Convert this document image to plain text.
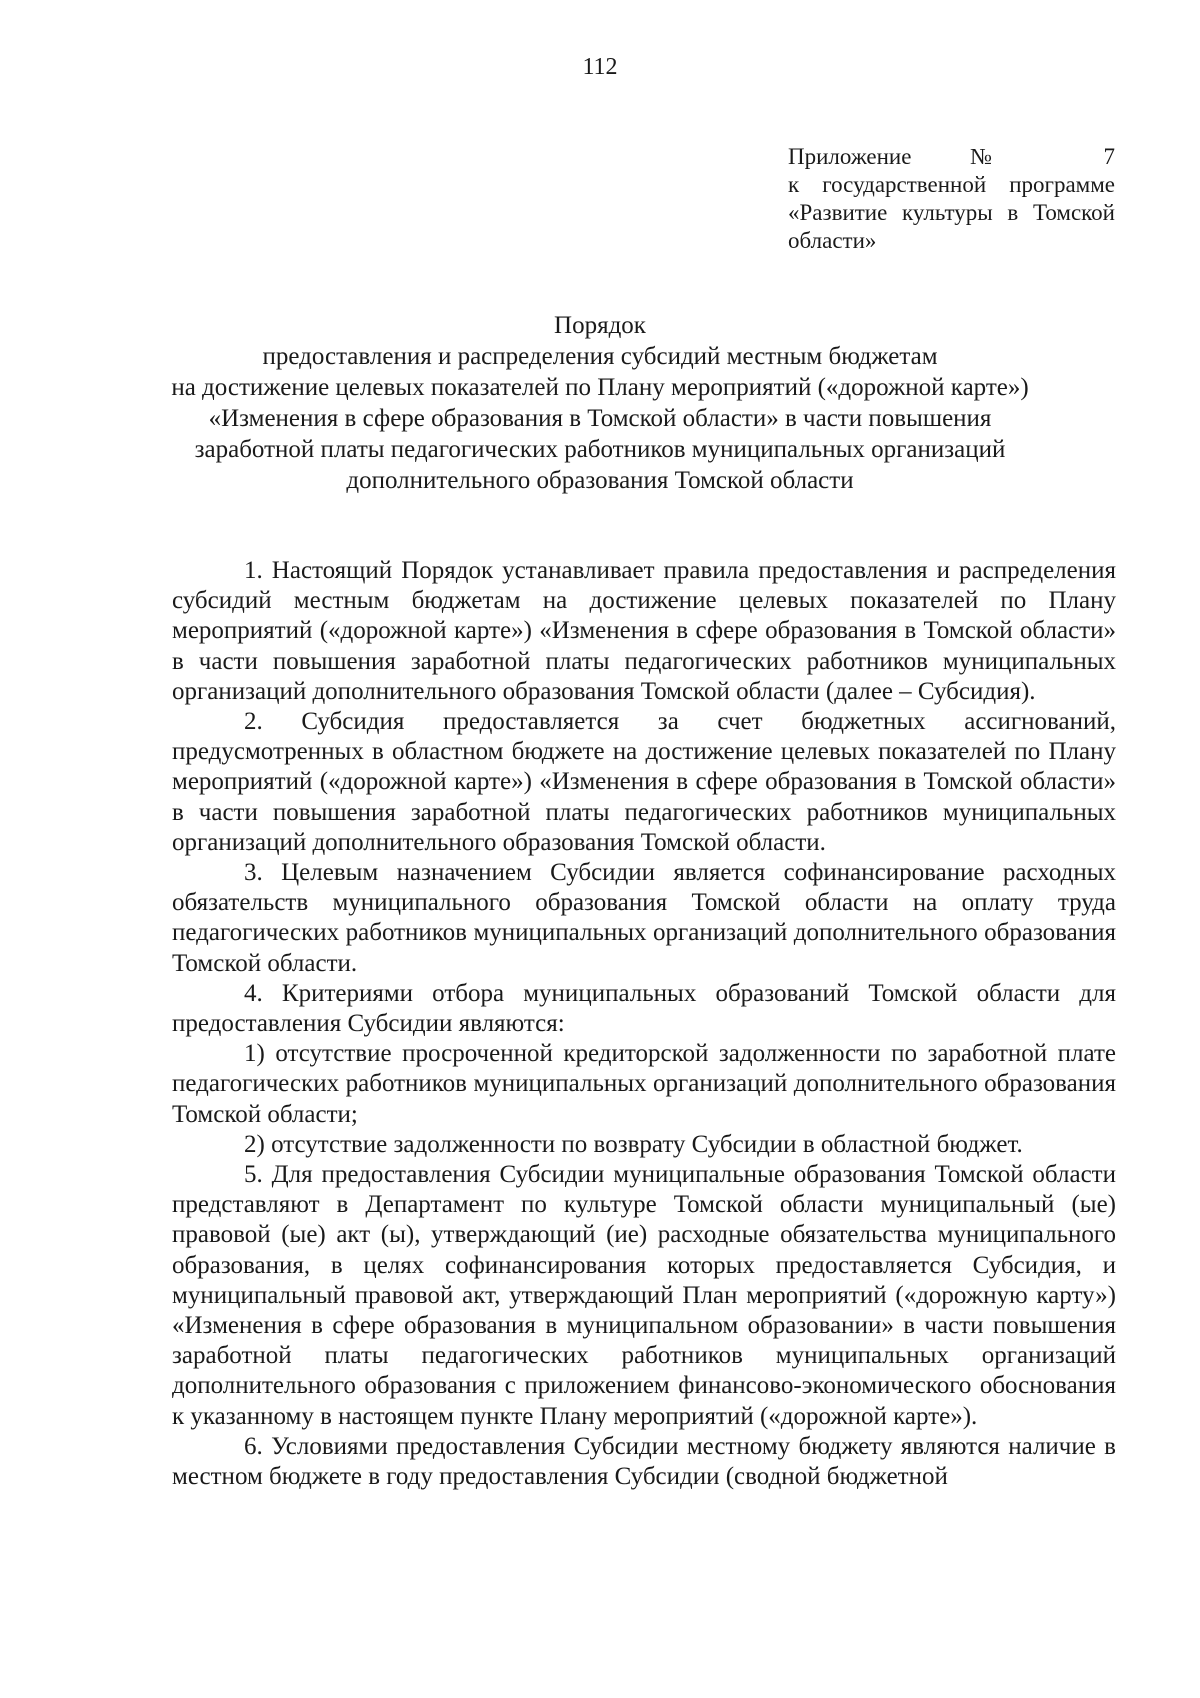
112
Приложение № 7
к государственной программе
«Развитие культуры в Томской
области»
Порядок
предоставления и распределения субсидий местным бюджетам
на достижение целевых показателей по Плану мероприятий («дорожной карте»)
«Изменения в сфере образования в Томской области» в части повышения
заработной платы педагогических работников муниципальных организаций
дополнительного образования Томской области

1. Настоящий Порядок устанавливает правила предоставления и распределения субсидий местным бюджетам на достижение целевых показателей по Плану мероприятий («дорожной карте») «Изменения в сфере образования в Томской области» в части повышения заработной платы педагогических работников муниципальных организаций дополнительного образования Томской области (далее – Субсидия).

2. Субсидия предоставляется за счет бюджетных ассигнований, предусмотренных в областном бюджете на достижение целевых показателей по Плану мероприятий («дорожной карте») «Изменения в сфере образования в Томской области» в части повышения заработной платы педагогических работников муниципальных организаций дополнительного образования Томской области.

3. Целевым назначением Субсидии является софинансирование расходных обязательств муниципального образования Томской области на оплату труда педагогических работников муниципальных организаций дополнительного образования Томской области.

4. Критериями отбора муниципальных образований Томской области для предоставления Субсидии являются:

1) отсутствие просроченной кредиторской задолженности по заработной плате педагогических работников муниципальных организаций дополнительного образования Томской области;

2) отсутствие задолженности по возврату Субсидии в областной бюджет.

5. Для предоставления Субсидии муниципальные образования Томской области представляют в Департамент по культуре Томской области муниципальный (ые) правовой (ые) акт (ы), утверждающий (ие) расходные обязательства муниципального образования, в целях софинансирования которых предоставляется Субсидия, и муниципальный правовой акт, утверждающий План мероприятий («дорожную карту») «Изменения в сфере образования в муниципальном образовании» в части повышения заработной платы педагогических работников муниципальных организаций дополнительного образования с приложением финансово-экономического обоснования к указанному в настоящем пункте Плану мероприятий («дорожной карте»).

6. Условиями предоставления Субсидии местному бюджету являются наличие в местном бюджете в году предоставления Субсидии (сводной бюджетной
